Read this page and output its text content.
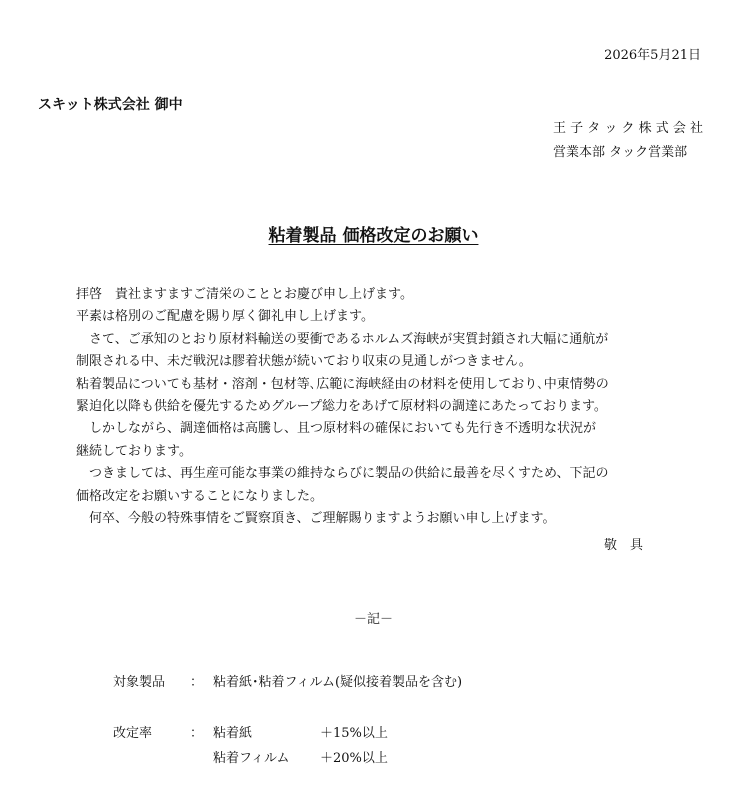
2026年5月21日
スキット株式会社 御中
王 子 タ ッ ク 株 式 会 社
営業本部 タック営業部
粘着製品 価格改定のお願い

拝啓　貴社ますますご清栄のこととお慶び申し上げます。

平素は格別のご配慮を賜り厚く御礼申し上げます。

　さて、ご承知のとおり原材料輸送の要衝であるホルムズ海峡が実質封鎖され大幅に通航が

制限される中、未だ戦況は膠着状態が続いており収束の見通しがつきません。

粘着製品についても基材・溶剤・包材等､広範に海峡経由の材料を使用しており､中東情勢の

緊迫化以降も供給を優先するためグループ総力をあげて原材料の調達にあたっております。

　しかしながら、調達価格は高騰し、且つ原材料の確保においても先行き不透明な状況が

継続しております。

　つきましては、再生産可能な事業の維持ならびに製品の供給に最善を尽くすため、下記の

価格改定をお願いすることになりました。

　何卒、今般の特殊事情をご賢察頂き、ご理解賜りますようお願い申し上げます。

敬　具
－記－
対象製品 ： 粘着紙･粘着フィルム(疑似接着製品を含む)
改定率	： 粘着紙	＋15%以上
粘着フィルム ＋20%以上
